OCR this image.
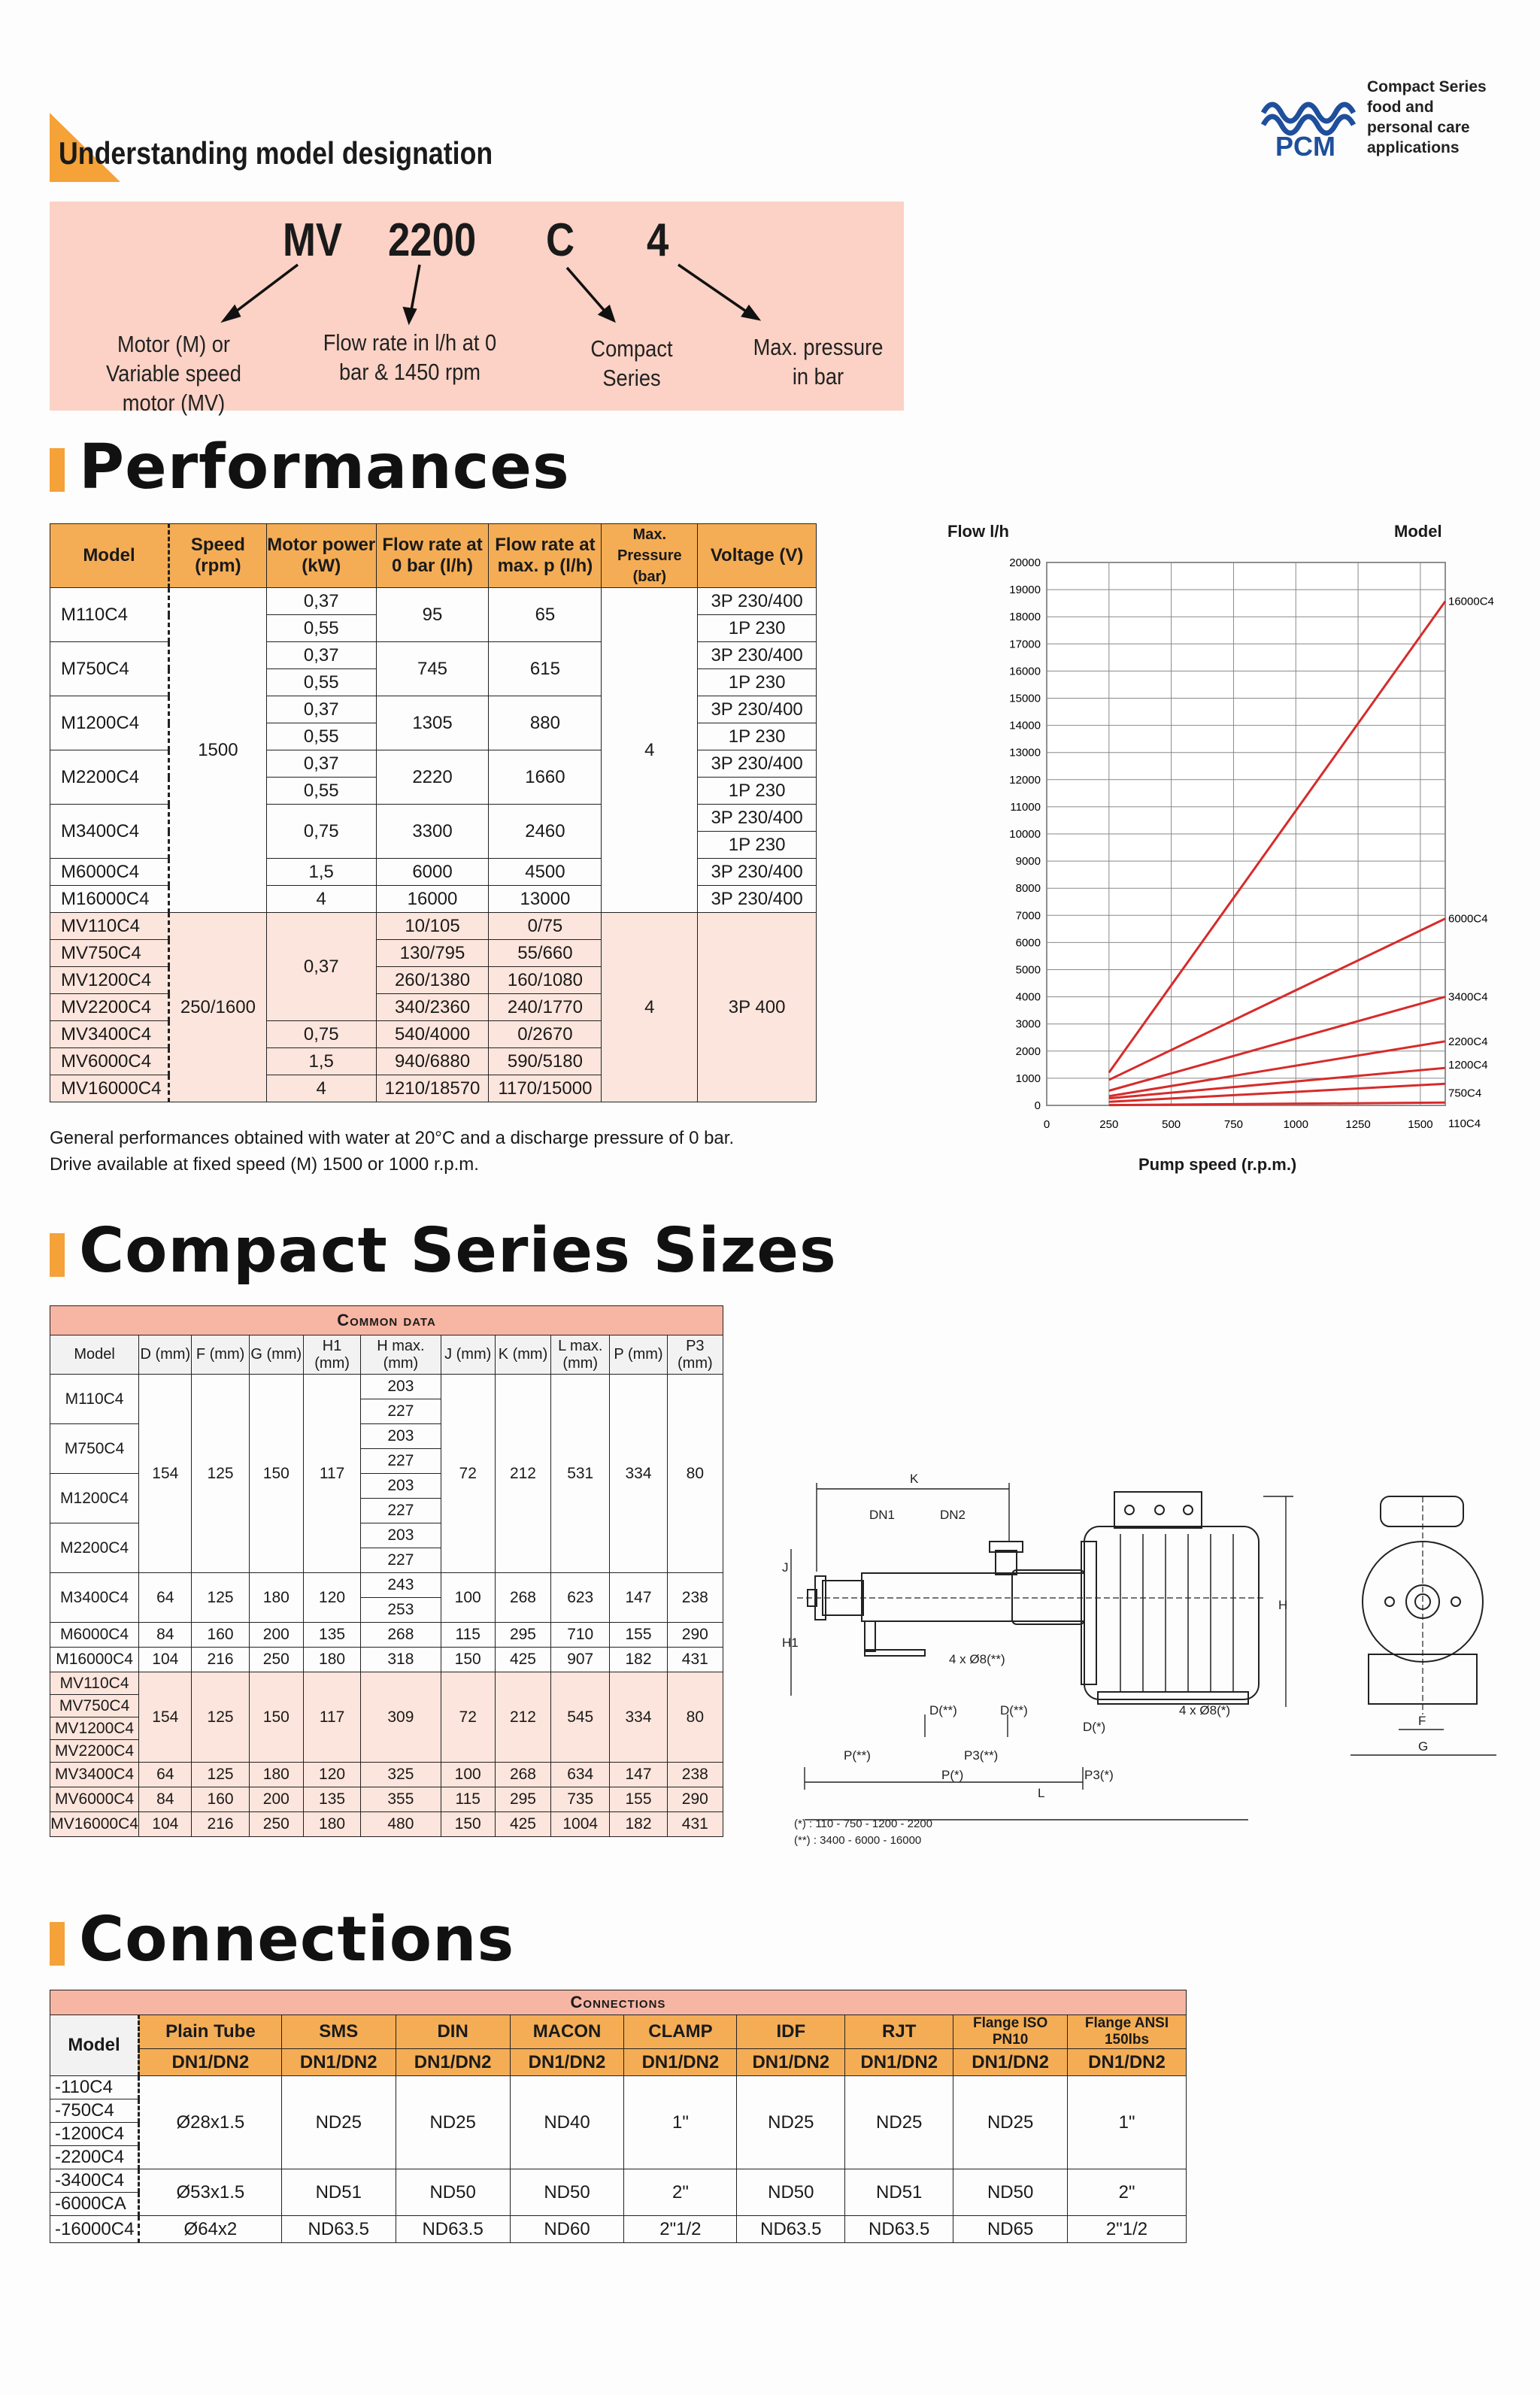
PCM
Compact Series
food and
personal care
applications
Understanding model designation
MV 2200 C 4
Motor (M) or Variable speed motor (MV)
Flow rate in l/h at 0 bar & 1450 rpm
Compact Series
Max. pressure in bar
Performances
Model	Speed (rpm)	Motor power (kW)	Flow rate at 0 bar (l/h)	Flow rate at max. p (l/h)	Max. Pressure (bar)	Voltage (V)
M110C4	1500	0,37	95	65	4	3P 230/400
		0,55				1P 230
M750C4		0,37	745	615		3P 230/400
		0,55				1P 230
M1200C4		0,37	1305	880		3P 230/400
		0,55				1P 230
M2200C4		0,37	2220	1660		3P 230/400
		0,55				1P 230
M3400C4		0,75	3300	2460		3P 230/400
						1P 230
M6000C4		1,5	6000	4500		3P 230/400
M16000C4		4	16000	13000		3P 230/400
MV110C4	250/1600	0,37	10/105	0/75	4	3P 400
MV750C4			130/795	55/660		
MV1200C4			260/1380	160/1080		
MV2200C4			340/2360	240/1770		
MV3400C4		0,75	540/4000	0/2670		
MV6000C4		1,5	940/6880	590/5180		
MV16000C4		4	1210/18570	1170/15000		
General performances obtained with water at 20°C and a discharge pressure of 0 bar.
Drive available at fixed speed (M) 1500 or 1000 r.p.m.
Flow l/h	Model
Pump speed (r.p.m.)
0
1000
2000
3000
4000
5000
6000
7000
8000
9000
10000
11000
12000
13000
14000
15000
16000
17000
18000
19000
20000
0	250	500	750	1000	1250	1500
16000C4
6000C4
3400C4
2200C4
1200C4
750C4
110C4
Compact Series Sizes
Common data										
Model	D (mm)	F (mm)	G (mm)	H1 (mm)	H max. (mm)	J (mm)	K (mm)	L max. (mm)	P (mm)	P3 (mm)
M110C4	154	125	150	117	203	72	212	531	334	80
					227					
M750C4					203					
					227					
M1200C4					203					
					227					
M2200C4					203					
					227					
M3400C4	64	125	180	120	243	100	268	623	147	238
					253					
M6000C4	84	160	200	135	268	115	295	710	155	290
M16000C4	104	216	250	180	318	150	425	907	182	431
MV110C4	154	125	150	117	309	72	212	545	334	80
MV750C4										
MV1200C4										
MV2200C4										
MV3400C4	64	125	180	120	325	100	268	634	147	238
MV6000C4	84	160	200	135	355	115	295	735	155	290
MV16000C4	104	216	250	180	480	150	425	1004	182	431
K
DN1	DN2
J
H1
H
4 x Ø8(**)
4 x Ø8(*)
D(**)	D(**)
D(*)
P(**)	P3(**)
P(*)	P3(*)
L
F
G
(*) : 110 - 750 - 1200 - 2200
(**) : 3400 - 6000 - 16000
Connections
Connections									
Model	Plain Tube	SMS	DIN	MACON	CLAMP	IDF	RJT	Flange ISO PN10	Flange ANSI 150lbs
	DN1/DN2	DN1/DN2	DN1/DN2	DN1/DN2	DN1/DN2	DN1/DN2	DN1/DN2	DN1/DN2	DN1/DN2
-110C4	Ø28x1.5	ND25	ND25	ND40	1"	ND25	ND25	ND25	1"
-750C4									
-1200C4									
-2200C4									
-3400C4	Ø53x1.5	ND51	ND50	ND50	2"	ND50	ND51	ND50	2"
-6000CA									
-16000C4	Ø64x2	ND63.5	ND63.5	ND60	2"1/2	ND63.5	ND63.5	ND65	2"1/2
